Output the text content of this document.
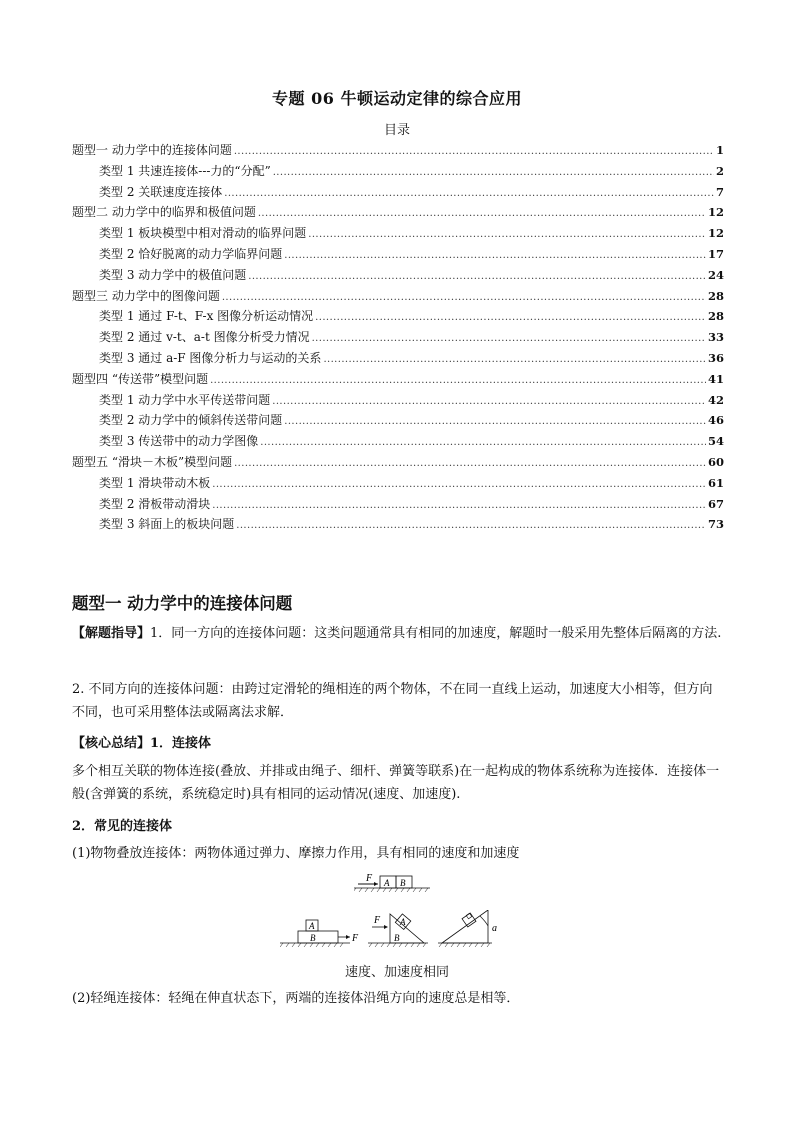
专题 06 牛顿运动定律的综合应用
目录
题型一 动力学中的连接体问题 .....	1
类型 1 共速连接体---力的“分配” .....	2
类型 2 关联速度连接体 .....	7
题型二 动力学中的临界和极值问题 .....	12
类型 1 板块模型中相对滑动的临界问题 .....	12
类型 2 恰好脱离的动力学临界问题 .....	17
类型 3 动力学中的极值问题 .....	24
题型三 动力学中的图像问题 .....	28
类型 1 通过 F-t、F-x 图像分析运动情况 .....	28
类型 2 通过 v-t、a-t 图像分析受力情况 .....	33
类型 3 通过 a-F 图像分析力与运动的关系 .....	36
题型四 “传送带”模型问题 .....	41
类型 1 动力学中水平传送带问题 .....	42
类型 2 动力学中的倾斜传送带问题 .....	46
类型 3 传送带中的动力学图像 .....	54
题型五 “滑块－木板”模型问题 .....	60
类型 1 滑块带动木板 .....	61
类型 2 滑板带动滑块 .....	67
类型 3 斜面上的板块问题 .....	73
题型一 动力学中的连接体问题
【解题指导】1．同一方向的连接体问题：这类问题通常具有相同的加速度，解题时一般采用先整体后隔离的方法.
2. 不同方向的连接体问题：由跨过定滑轮的绳相连的两个物体，不在同一直线上运动，加速度大小相等，但方向不同，也可采用整体法或隔离法求解．
【核心总结】1．连接体
多个相互关联的物体连接(叠放、并排或由绳子、细杆、弹簧等联系)在一起构成的物体系统称为连接体．连接体一般(含弹簧的系统，系统稳定时)具有相同的运动情况(速度、加速度).
2．常见的连接体
(1)物物叠放连接体：两物体通过弹力、摩擦力作用，具有相同的速度和加速度
F A B
A
B	F
F A
B
a
速度、加速度相同
(2)轻绳连接体：轻绳在伸直状态下，两端的连接体沿绳方向的速度总是相等．
